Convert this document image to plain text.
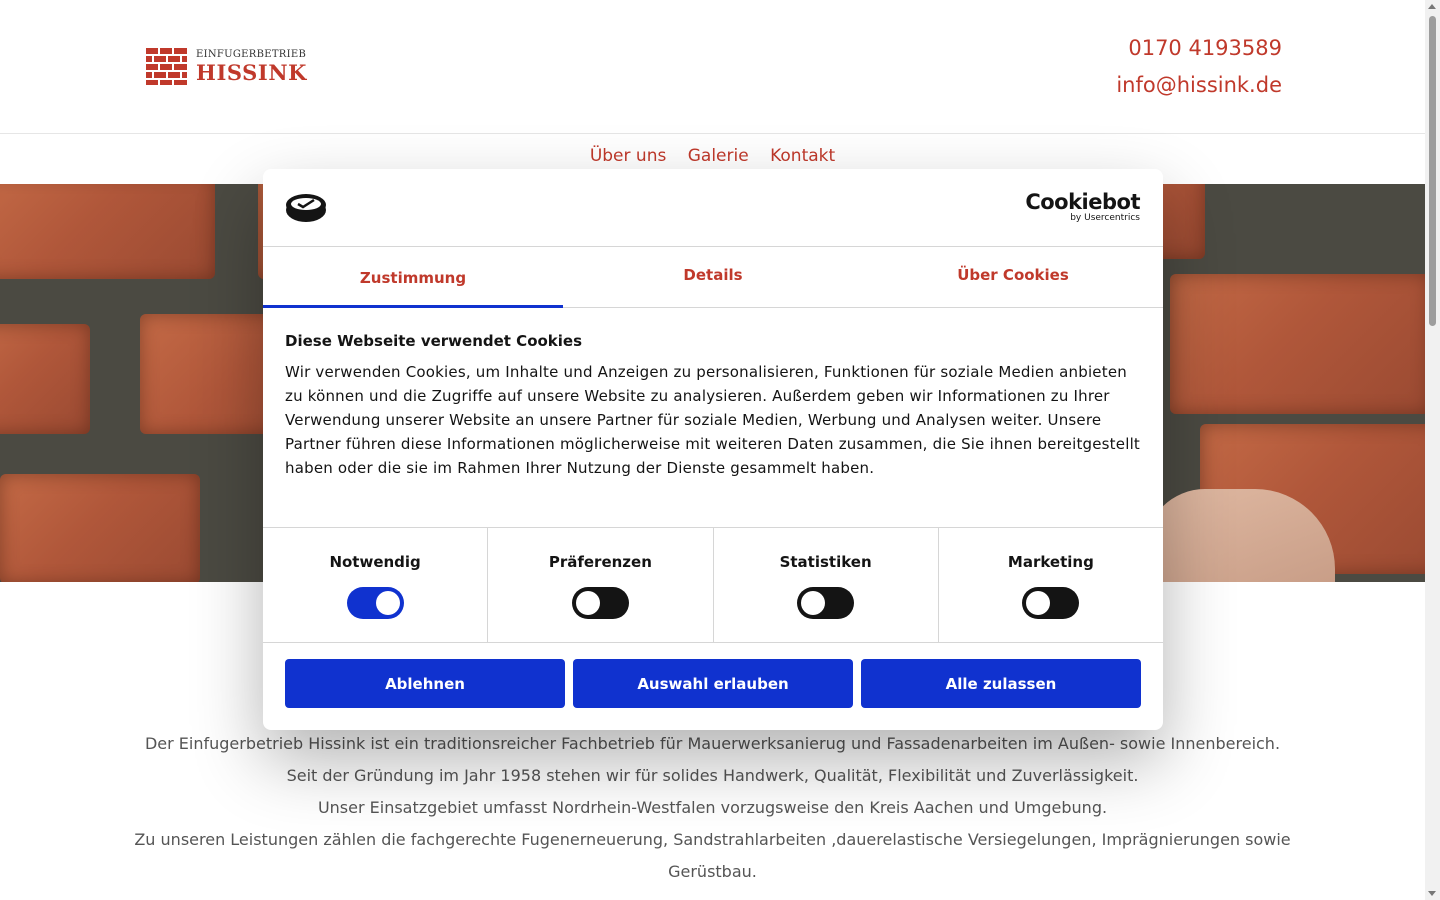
EINFUGERBETRIEB
HISSINK
0170 4193589
info@hissink.de
Über uns Galerie Kontakt

Der Einfugerbetrieb Hissink ist ein traditionsreicher Fachbetrieb für Mauerwerksanierug und Fassadenarbeiten im Außen- sowie Innenbereich.

Seit der Gründung im Jahr 1958 stehen wir für solides Handwerk, Qualität, Flexibilität und Zuverlässigkeit.

Unser Einsatzgebiet umfasst Nordrhein-Westfalen vorzugsweise den Kreis Aachen und Umgebung.

Zu unseren Leistungen zählen die fachgerechte Fugenerneuerung, Sandstrahlarbeiten ,dauerelastische Versiegelungen, Imprägnierungen sowie

Gerüstbau.

Cookiebot
by Usercentrics
Zustimmung	Details	Über Cookies
Diese Webseite verwendet Cookies

Wir verwenden Cookies, um Inhalte und Anzeigen zu personalisieren, Funktionen für soziale Medien anbieten zu können und die Zugriffe auf unsere Website zu analysieren. Außerdem geben wir Informationen zu Ihrer Verwendung unserer Website an unsere Partner für soziale Medien, Werbung und Analysen weiter. Unsere Partner führen diese Informationen möglicherweise mit weiteren Daten zusammen, die Sie ihnen bereitgestellt haben oder die sie im Rahmen Ihrer Nutzung der Dienste gesammelt haben.

Notwendig	Präferenzen	Statistiken	Marketing
Ablehnen	Auswahl erlauben	Alle zulassen
